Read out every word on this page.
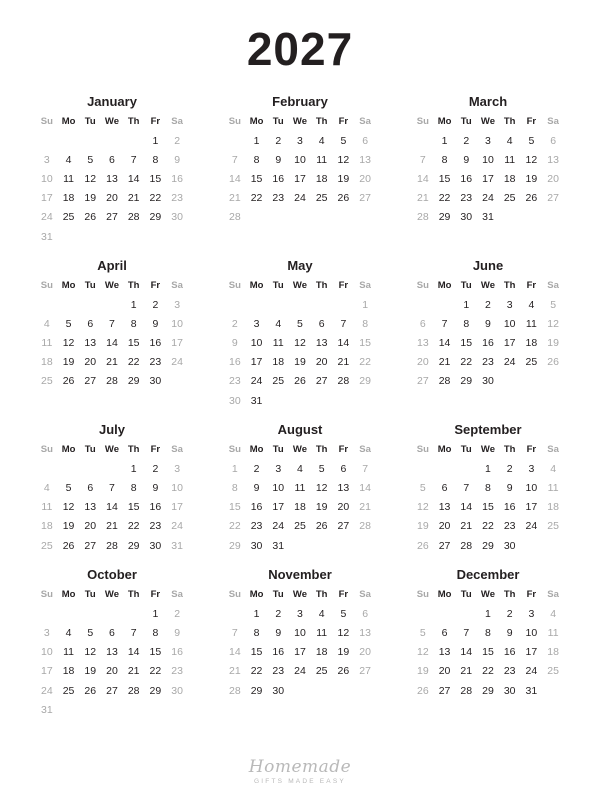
2027
January
Su	Mo	Tu	We	Th	Fr	Sa
					1	2
3	4	5	6	7	8	9
10	11	12	13	14	15	16
17	18	19	20	21	22	23
24	25	26	27	28	29	30
31						
February
Su	Mo	Tu	We	Th	Fr	Sa
	1	2	3	4	5	6
7	8	9	10	11	12	13
14	15	16	17	18	19	20
21	22	23	24	25	26	27
28						
March
Su	Mo	Tu	We	Th	Fr	Sa
	1	2	3	4	5	6
7	8	9	10	11	12	13
14	15	16	17	18	19	20
21	22	23	24	25	26	27
28	29	30	31			
April
Su	Mo	Tu	We	Th	Fr	Sa
				1	2	3
4	5	6	7	8	9	10
11	12	13	14	15	16	17
18	19	20	21	22	23	24
25	26	27	28	29	30	
May
Su	Mo	Tu	We	Th	Fr	Sa
						1
2	3	4	5	6	7	8
9	10	11	12	13	14	15
16	17	18	19	20	21	22
23	24	25	26	27	28	29
30	31					
June
Su	Mo	Tu	We	Th	Fr	Sa
		1	2	3	4	5
6	7	8	9	10	11	12
13	14	15	16	17	18	19
20	21	22	23	24	25	26
27	28	29	30			
July
Su	Mo	Tu	We	Th	Fr	Sa
				1	2	3
4	5	6	7	8	9	10
11	12	13	14	15	16	17
18	19	20	21	22	23	24
25	26	27	28	29	30	31
August
Su	Mo	Tu	We	Th	Fr	Sa
1	2	3	4	5	6	7
8	9	10	11	12	13	14
15	16	17	18	19	20	21
22	23	24	25	26	27	28
29	30	31				
September
Su	Mo	Tu	We	Th	Fr	Sa
			1	2	3	4
5	6	7	8	9	10	11
12	13	14	15	16	17	18
19	20	21	22	23	24	25
26	27	28	29	30		
October
Su	Mo	Tu	We	Th	Fr	Sa
					1	2
3	4	5	6	7	8	9
10	11	12	13	14	15	16
17	18	19	20	21	22	23
24	25	26	27	28	29	30
31						
November
Su	Mo	Tu	We	Th	Fr	Sa
	1	2	3	4	5	6
7	8	9	10	11	12	13
14	15	16	17	18	19	20
21	22	23	24	25	26	27
28	29	30				
December
Su	Mo	Tu	We	Th	Fr	Sa
			1	2	3	4
5	6	7	8	9	10	11
12	13	14	15	16	17	18
19	20	21	22	23	24	25
26	27	28	29	30	31	
Homemade
GIFTS MADE EASY
